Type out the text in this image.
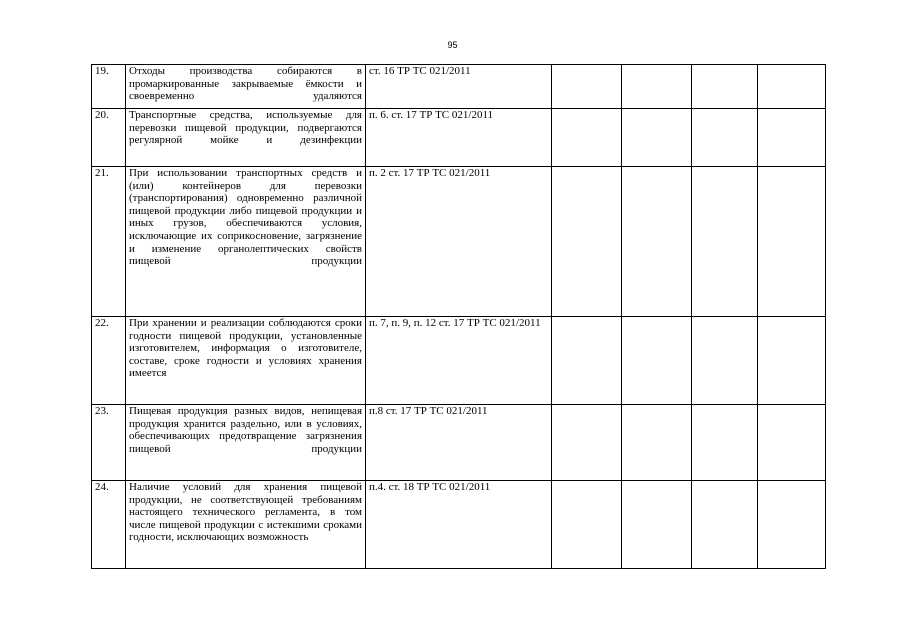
95
19.	Отходы производства собираются в промаркированные закрываемые ёмкости и своевременно удаляются	ст. 16 ТР ТС 021/2011				
20.	Транспортные средства, используемые для перевозки пищевой продукции, подвергаются регулярной мойке и дезинфекции	п. 6. ст. 17 ТР ТС 021/2011				
21.	При использовании транспортных средств и (или) контейнеров для перевозки (транспортирования) одновременно различной пищевой продукции либо пищевой продукции и иных грузов, обеспечиваются условия, исключающие их соприкосновение, загрязнение и изменение органолептических свойств пищевой продукции	п. 2 ст. 17 ТР ТС 021/2011				
22.	При хранении и реализации соблюдаются сроки годности пищевой продукции, установленные изготовителем, информация о изготовителе, составе, сроке годности и условиях хранения имеется	п. 7, п. 9, п. 12 ст. 17 ТР ТС 021/2011				
23.	Пищевая продукция разных видов, непищевая продукция хранится раздельно, или в условиях, обеспечивающих предотвращение загрязнения пищевой продукции	п.8 ст. 17 ТР ТС 021/2011				
24.	Наличие условий для хранения пищевой продукции, не соответствующей требованиям настоящего технического регламента, в том числе пищевой продукции с истекшими сроками годности, исключающих возможность	п.4. ст. 18 ТР ТС 021/2011				
